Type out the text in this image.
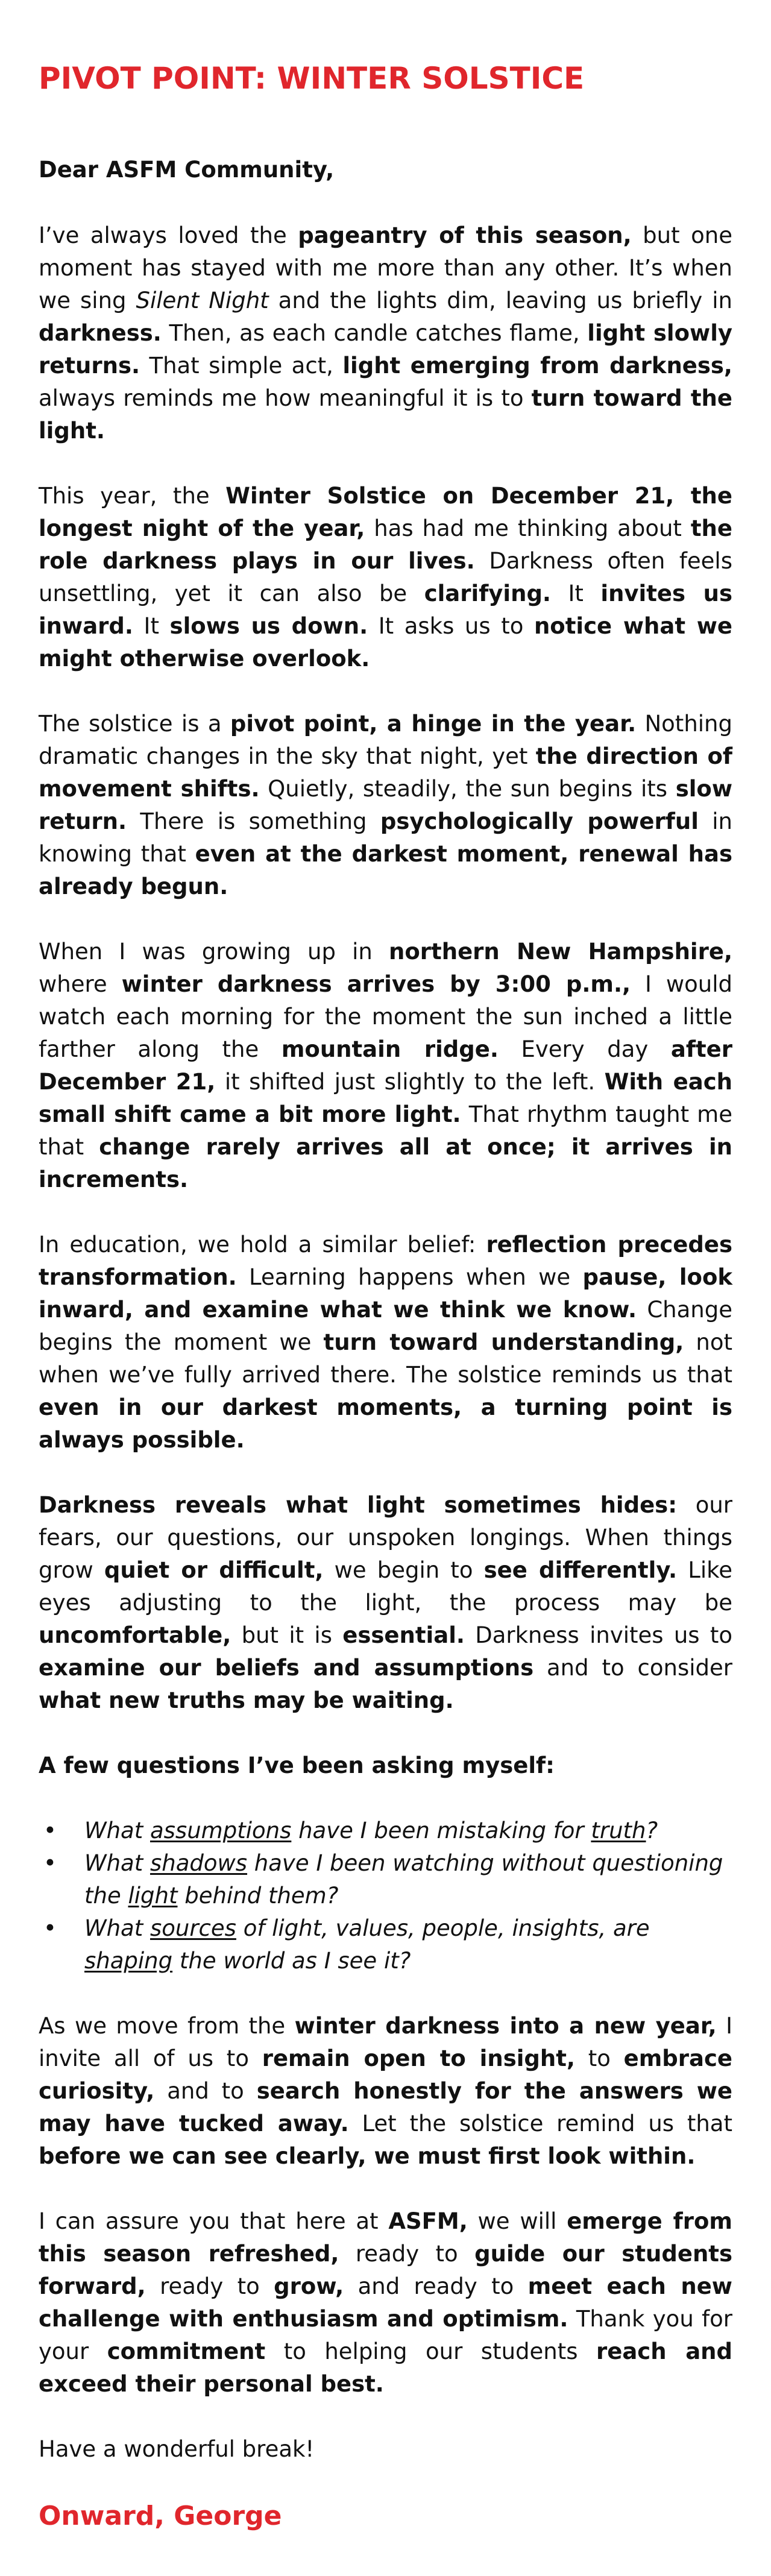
PIVOT POINT: WINTER SOLSTICE

Dear ASFM Community,

I’ve always loved the pageantry of this season, but one moment has stayed with me more than any other. It’s when we sing Silent Night and the lights dim, leaving us briefly in darkness. Then, as each candle catches flame, light slowly returns. That simple act, light emerging from darkness, always reminds me how meaningful it is to turn toward the light.

This year, the Winter Solstice on December 21, the longest night of the year, has had me thinking about the role darkness plays in our lives. Darkness often feels unsettling, yet it can also be clarifying. It invites us inward. It slows us down. It asks us to notice what we might otherwise overlook.

The solstice is a pivot point, a hinge in the year. Nothing dramatic changes in the sky that night, yet the direction of movement shifts. Quietly, steadily, the sun begins its slow return. There is something psychologically powerful in knowing that even at the darkest moment, renewal has already begun.

When I was growing up in northern New Hampshire, where winter darkness arrives by 3:00 p.m., I would watch each morning for the moment the sun inched a little farther along the mountain ridge. Every day after December 21, it shifted just slightly to the left. With each small shift came a bit more light. That rhythm taught me that change rarely arrives all at once; it arrives in increments.

In education, we hold a similar belief: reflection precedes transformation. Learning happens when we pause, look inward, and examine what we think we know. Change begins the moment we turn toward understanding, not when we’ve fully arrived there. The solstice reminds us that even in our darkest moments, a turning point is always possible.

Darkness reveals what light sometimes hides: our fears, our questions, our unspoken longings. When things grow quiet or difficult, we begin to see differently. Like eyes adjusting to the light, the process may be uncomfortable, but it is essential. Darkness invites us to examine our beliefs and assumptions and to consider what new truths may be waiting.

A few questions I’ve been asking myself:

• What assumptions have I been mistaking for truth?
• What shadows have I been watching without questioning the light behind them?
• What sources of light, values, people, insights, are shaping the world as I see it?

As we move from the winter darkness into a new year, I invite all of us to remain open to insight, to embrace curiosity, and to search honestly for the answers we may have tucked away. Let the solstice remind us that before we can see clearly, we must first look within.

I can assure you that here at ASFM, we will emerge from this season refreshed, ready to guide our students forward, ready to grow, and ready to meet each new challenge with enthusiasm and optimism. Thank you for your commitment to helping our students reach and exceed their personal best.

Have a wonderful break!

Onward, George
